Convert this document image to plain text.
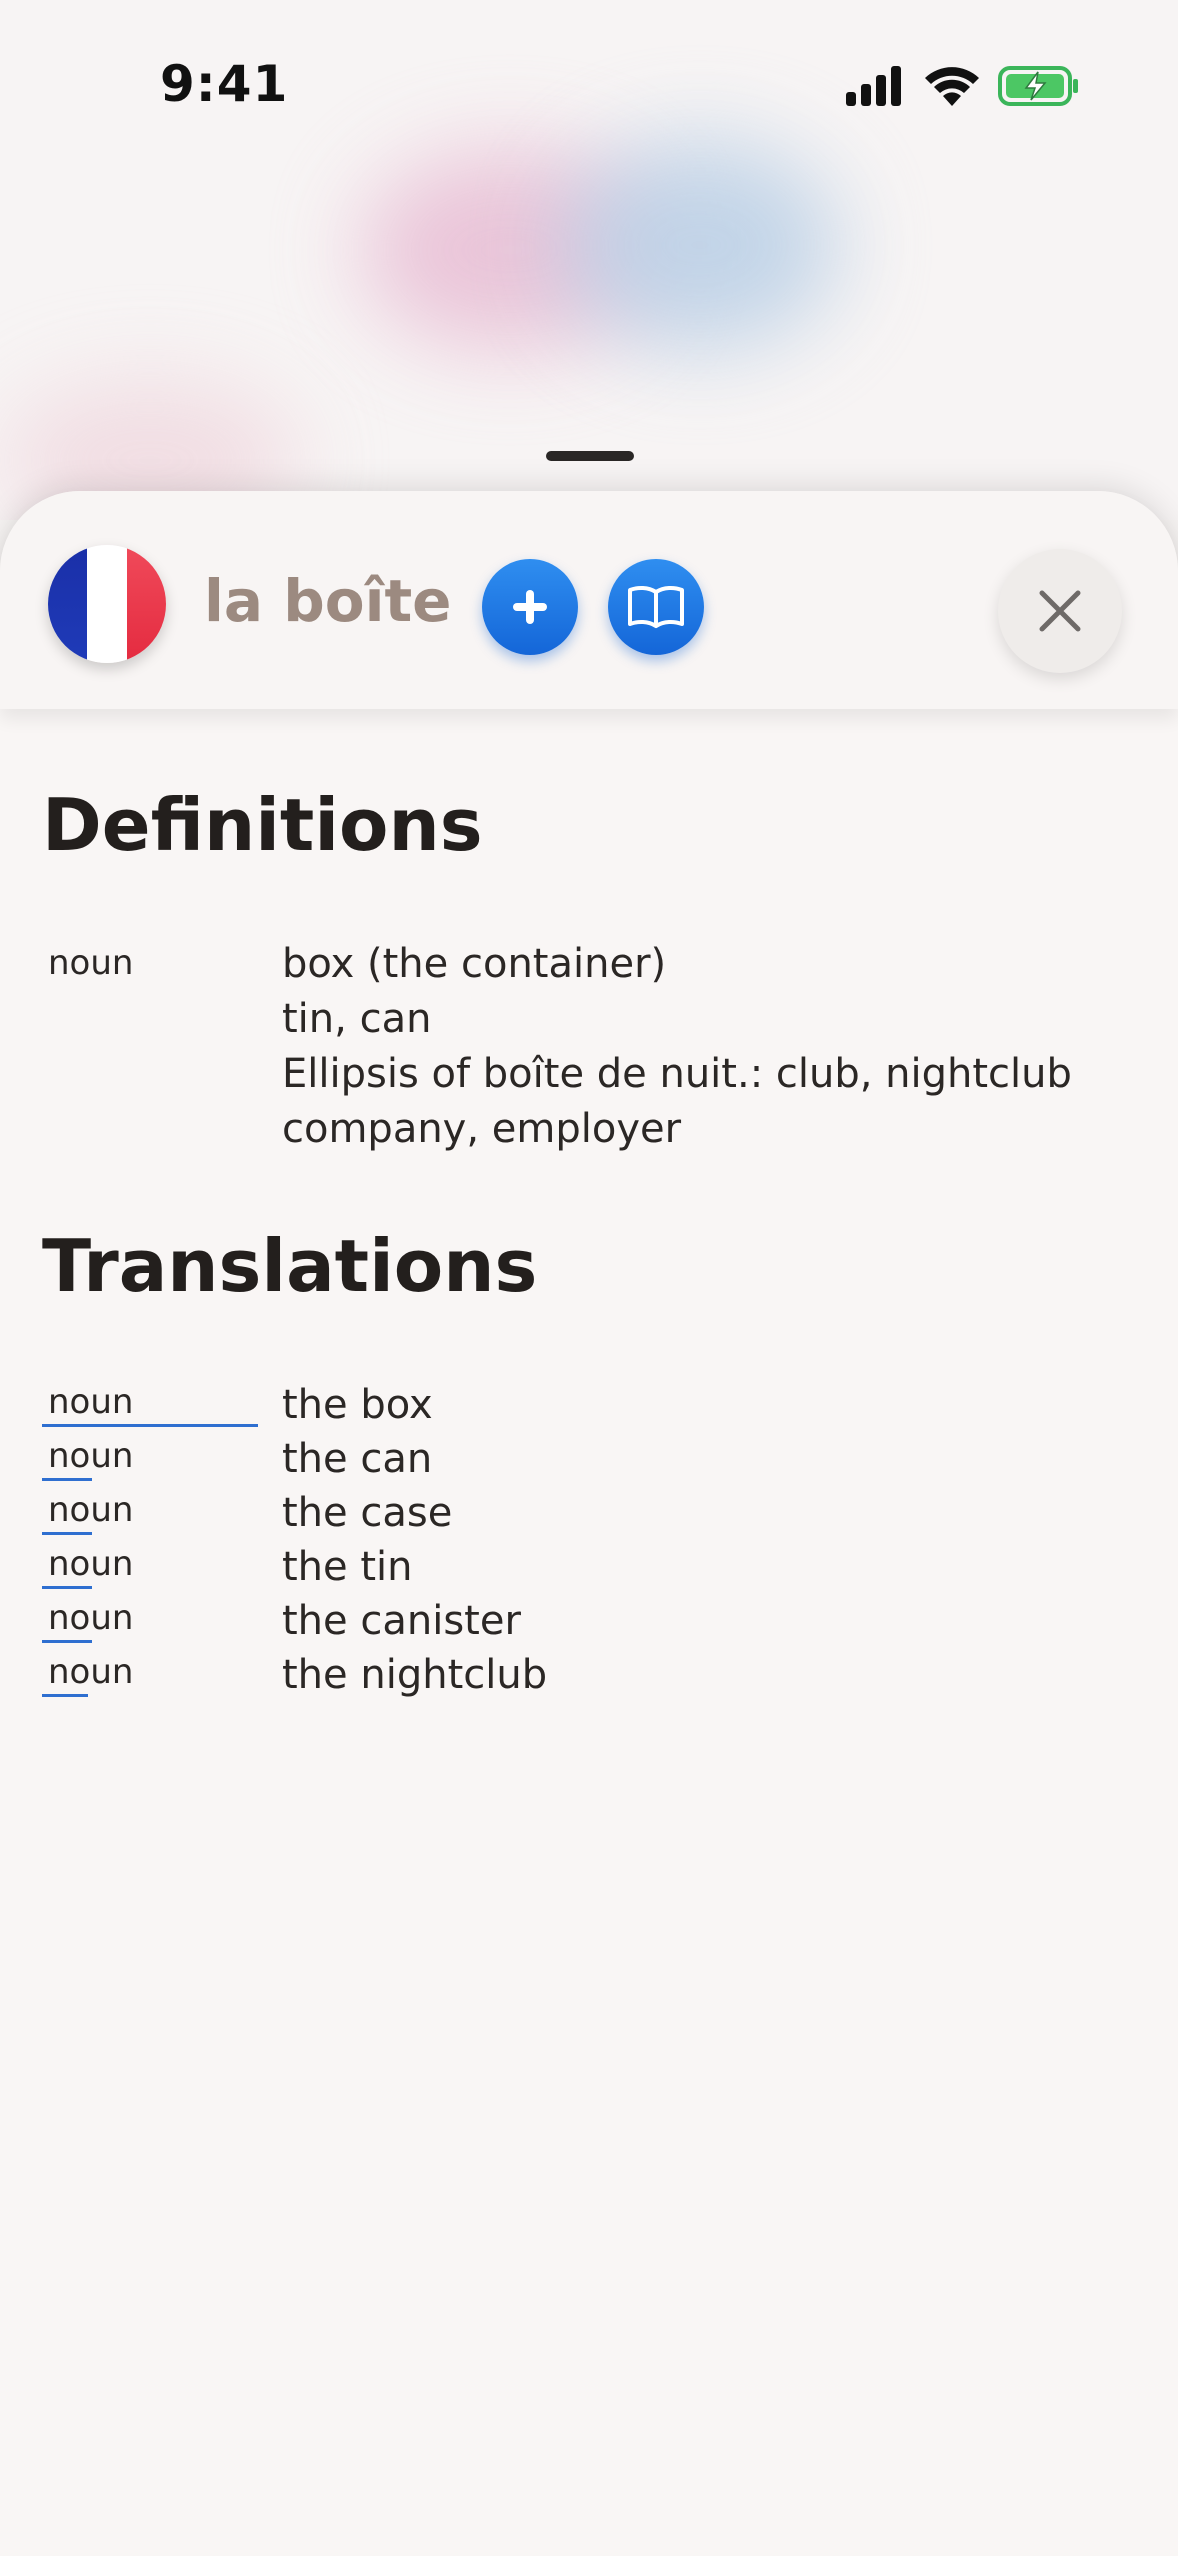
9:41
la boîte
Definitions
noun	box (the container)
tin, can
Ellipsis of boîte de nuit.: club, nightclub
company, employer
Translations
noun	the box
noun	the can
noun	the case
noun	the tin
noun	the canister
noun	the nightclub
